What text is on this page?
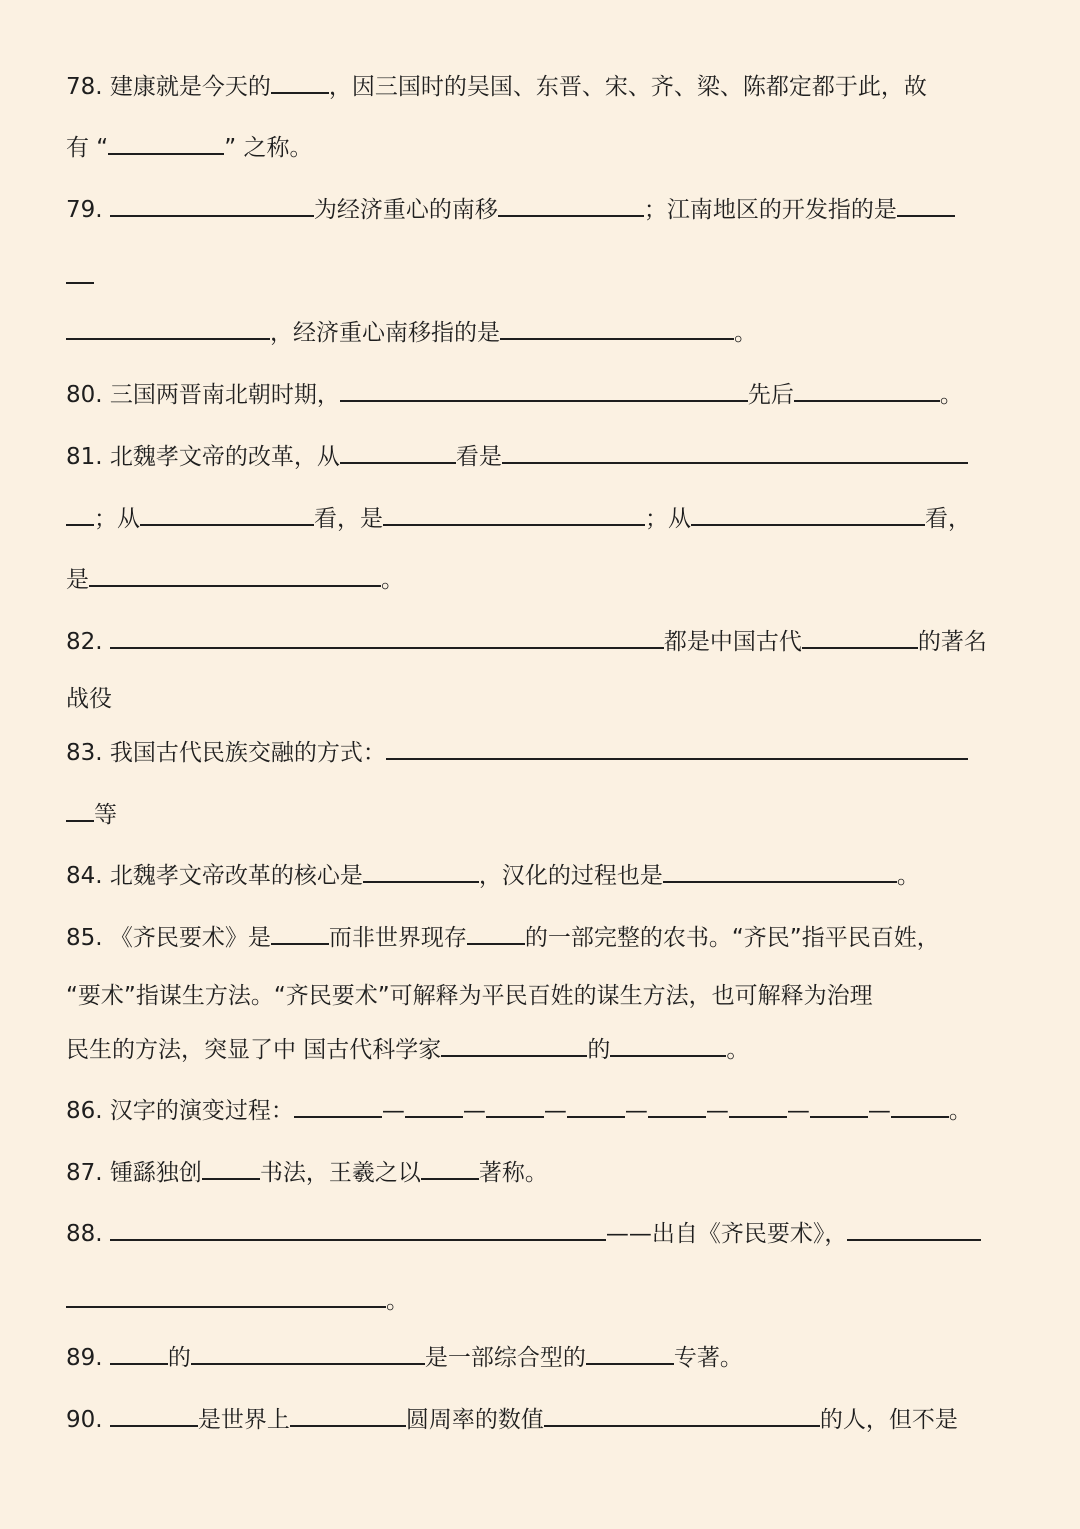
78. 建康就是今天的	，因三国时的吴国、东晋、宋、齐、梁、陈都定都于此，故
有 “	” 之称。
79.	为经济重心的南移	；江南地区的开发指的是
，经济重心南移指的是	。
80. 三国两晋南北朝时期，	先后	。
81. 北魏孝文帝的改革，从	看是
；从	看，是	；从	看，
是	。
82.	都是中国古代	的著名
战役
83. 我国古代民族交融的方式：
等
84. 北魏孝文帝改革的核心是	，汉化的过程也是	。
85. 《齐民要术》是	而非世界现存	的一部完整的农书。“齐民”指平民百姓，
“要术”指谋生方法。“齐民要术”可解释为平民百姓的谋生方法，也可解释为治理
民生的方法，突显了中 国古代科学家	的	。
86. 汉字的演变过程：	—	—	—	—	—	—	—	。
87. 锺繇独创	书法，王羲之以	著称。
88.	——出自《齐民要术》，
。
89.	的	是一部综合型的	专著。
90.	是世界上	圆周率的数值	的人，但不是
